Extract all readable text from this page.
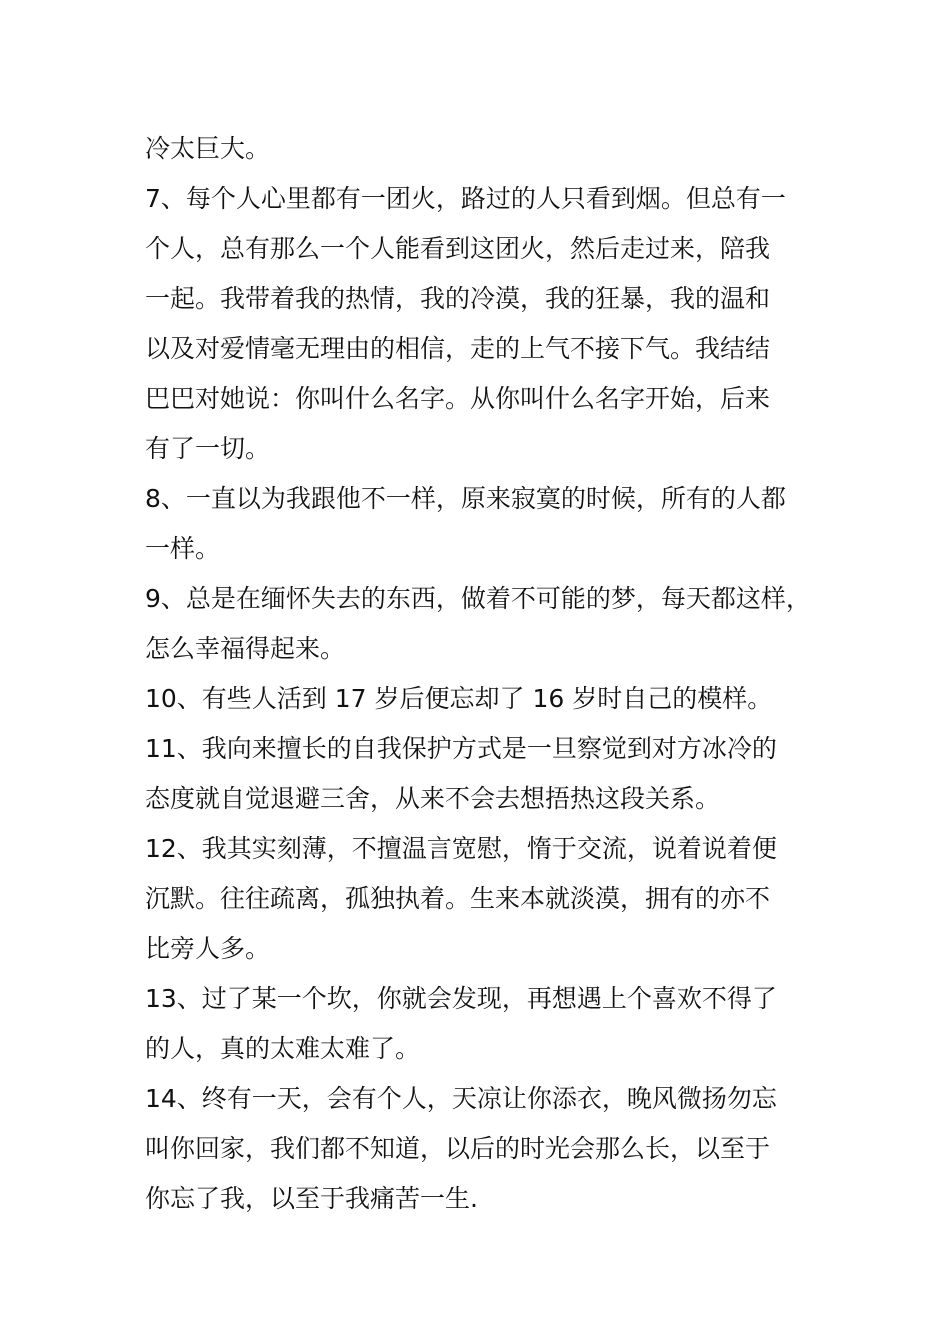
冷太巨大。
7、每个人心里都有一团火，路过的人只看到烟。但总有一
个人，总有那么一个人能看到这团火，然后走过来，陪我
一起。我带着我的热情，我的冷漠，我的狂暴，我的温和
以及对爱情毫无理由的相信，走的上气不接下气。我结结
巴巴对她说：你叫什么名字。从你叫什么名字开始，后来
有了一切。
8、一直以为我跟他不一样，原来寂寞的时候，所有的人都
一样。
9、总是在缅怀失去的东西，做着不可能的梦，每天都这样，
怎么幸福得起来。
10、有些人活到 17 岁后便忘却了 16 岁时自己的模样。
11、我向来擅长的自我保护方式是一旦察觉到对方冰冷的
态度就自觉退避三舍，从来不会去想捂热这段关系。
12、我其实刻薄，不擅温言宽慰，惰于交流，说着说着便
沉默。往往疏离，孤独执着。生来本就淡漠，拥有的亦不
比旁人多。
13、过了某一个坎，你就会发现，再想遇上个喜欢不得了
的人，真的太难太难了。
14、终有一天，会有个人，天凉让你添衣，晚风微扬勿忘
叫你回家，我们都不知道，以后的时光会那么长，以至于
你忘了我，以至于我痛苦一生.
